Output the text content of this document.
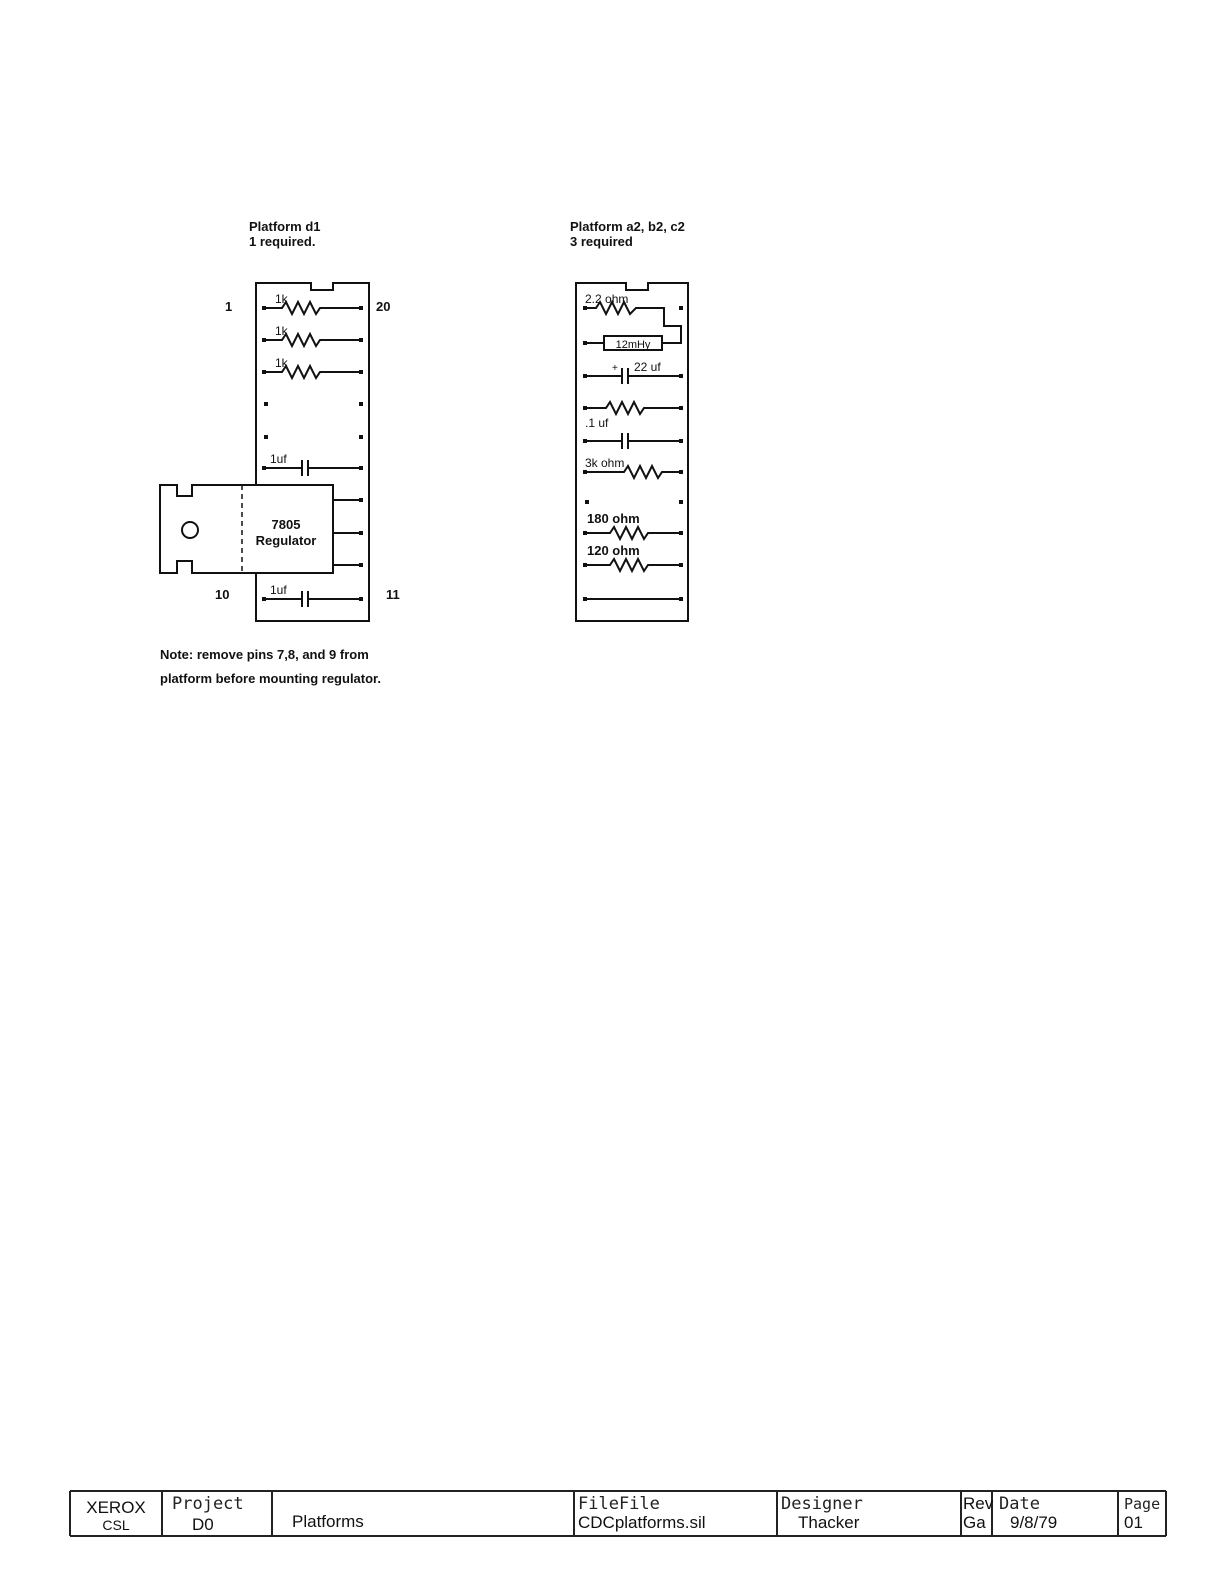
Platform d1
1 required.
1	20
10	11
1k
1k
1k
1uf
7805
Regulator
1uf
Note: remove pins 7,8, and 9 from
platform before mounting regulator.
Platform a2, b2, c2
3 required
2.2 ohm
12mHy
+ 22 uf
.1 uf
3k ohm
180 ohm
120 ohm
XEROX
CSL
Project
D0	Platforms
FileFile
CDCplatforms.sil
Designer
Thacker
Rev
Ga
Date
9/8/79
Page
01
